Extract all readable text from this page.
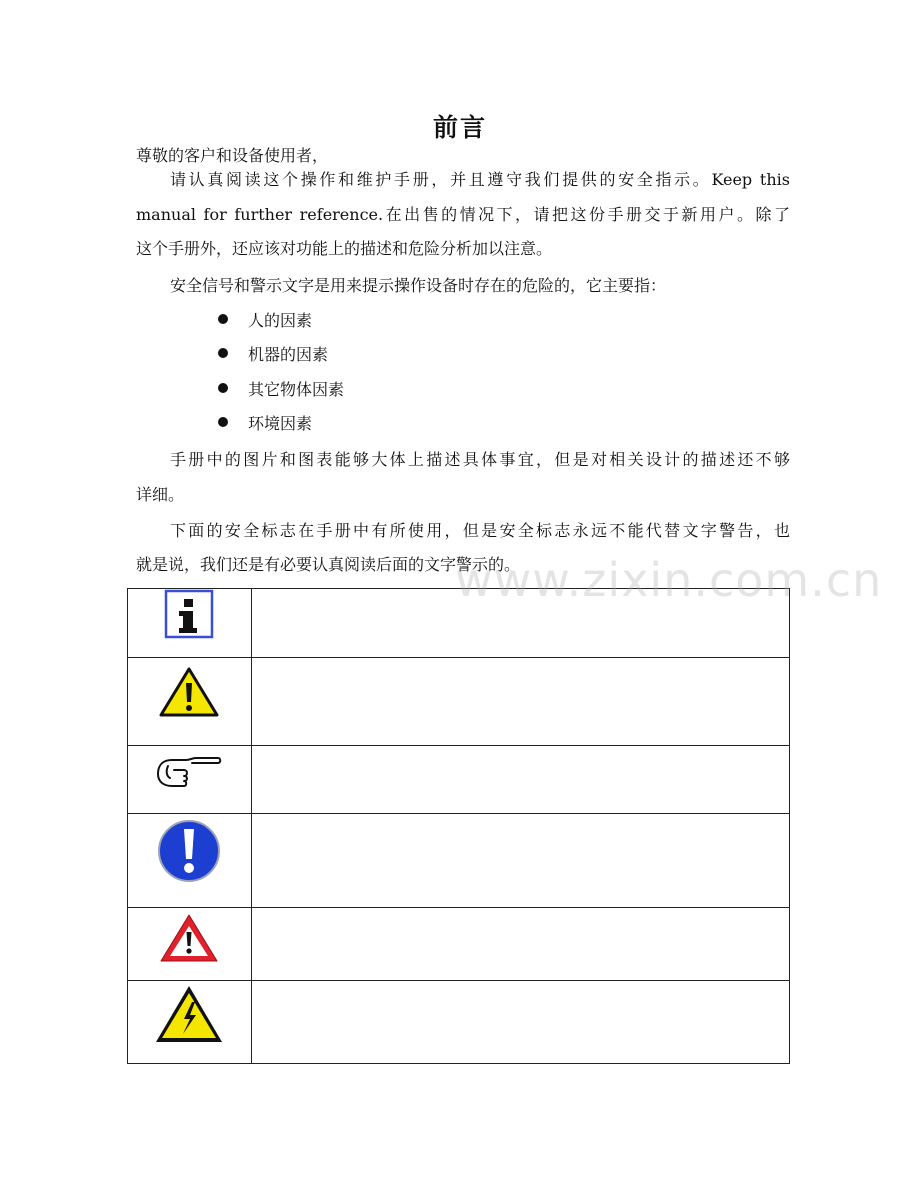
前言
尊敬的客户和设备使用者，
请认真阅读这个操作和维护手册，并且遵守我们提供的安全指示。Keep this
manual for further reference.在出售的情况下，请把这份手册交于新用户。除了
这个手册外，还应该对功能上的描述和危险分析加以注意。
安全信号和警示文字是用来提示操作设备时存在的危险的，它主要指：
人的因素
机器的因素
其它物体因素
环境因素
手册中的图片和图表能够大体上描述具体事宜，但是对相关设计的描述还不够
详细。
下面的安全标志在手册中有所使用，但是安全标志永远不能代替文字警告，也
就是说，我们还是有必要认真阅读后面的文字警示的。

www.zixin.com.cn
